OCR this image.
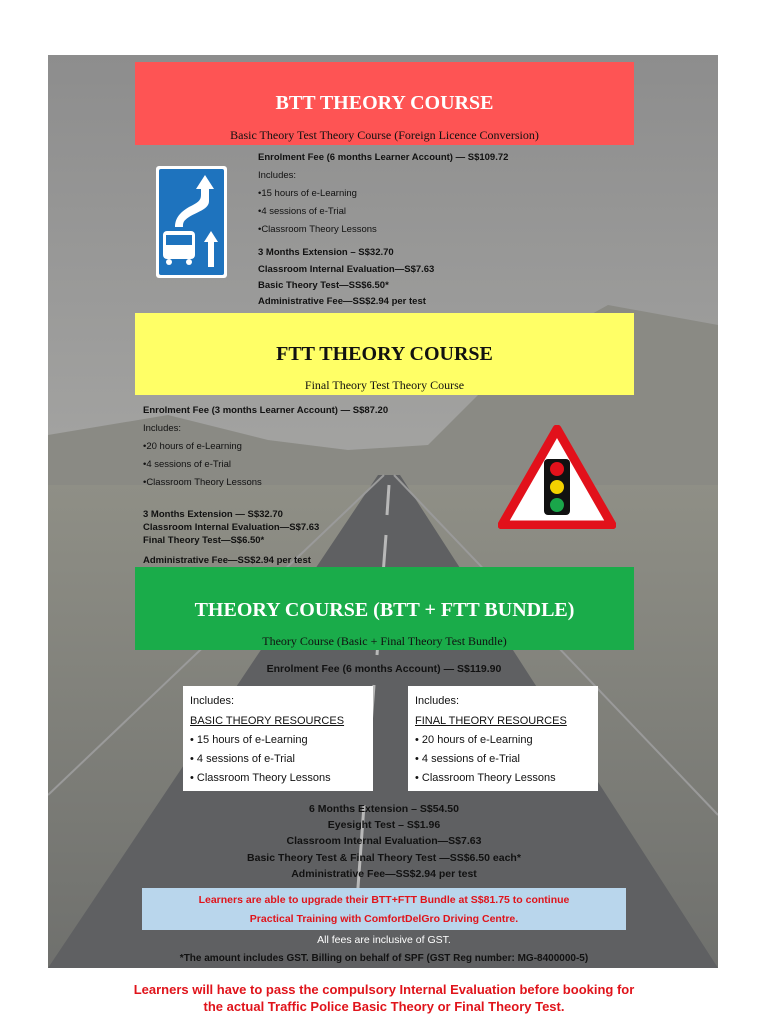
BTT THEORY COURSE
Basic Theory Test Theory Course (Foreign Licence Conversion)
Enrolment Fee (6 months Learner Account) — S$109.72
Includes:
•15 hours of e-Learning
•4 sessions of e-Trial
•Classroom Theory Lessons
3 Months Extension – S$32.70
Classroom Internal Evaluation—S$7.63
Basic Theory Test—SS$6.50*
Administrative Fee—SS$2.94 per test
FTT THEORY COURSE
Final Theory Test Theory Course
Enrolment Fee (3 months Learner Account) — S$87.20
Includes:
•20 hours of e-Learning
•4 sessions of e-Trial
•Classroom Theory Lessons
3 Months Extension — S$32.70
Classroom Internal Evaluation—S$7.63
Final Theory Test—S$6.50*
Administrative Fee—SS$2.94 per test
THEORY COURSE (BTT + FTT BUNDLE)
Theory Course (Basic + Final Theory Test Bundle)
Enrolment Fee (6 months Account) — S$119.90
Includes:
BASIC THEORY RESOURCES
• 15 hours of e-Learning
• 4 sessions of e-Trial
• Classroom Theory Lessons
Includes:
FINAL THEORY RESOURCES
• 20 hours of e-Learning
• 4 sessions of e-Trial
• Classroom Theory Lessons
6 Months Extension – S$54.50
Eyesight Test – S$1.96
Classroom Internal Evaluation—S$7.63
Basic Theory Test & Final Theory Test —SS$6.50 each*
Administrative Fee—SS$2.94 per test
Learners are able to upgrade their BTT+FTT Bundle at S$81.75 to continue
Practical Training with ComfortDelGro Driving Centre.
All fees are inclusive of GST.
*The amount includes GST. Billing on behalf of SPF (GST Reg number: MG-8400000-5)
Learners will have to pass the compulsory Internal Evaluation before booking for
the actual Traffic Police Basic Theory or Final Theory Test.
